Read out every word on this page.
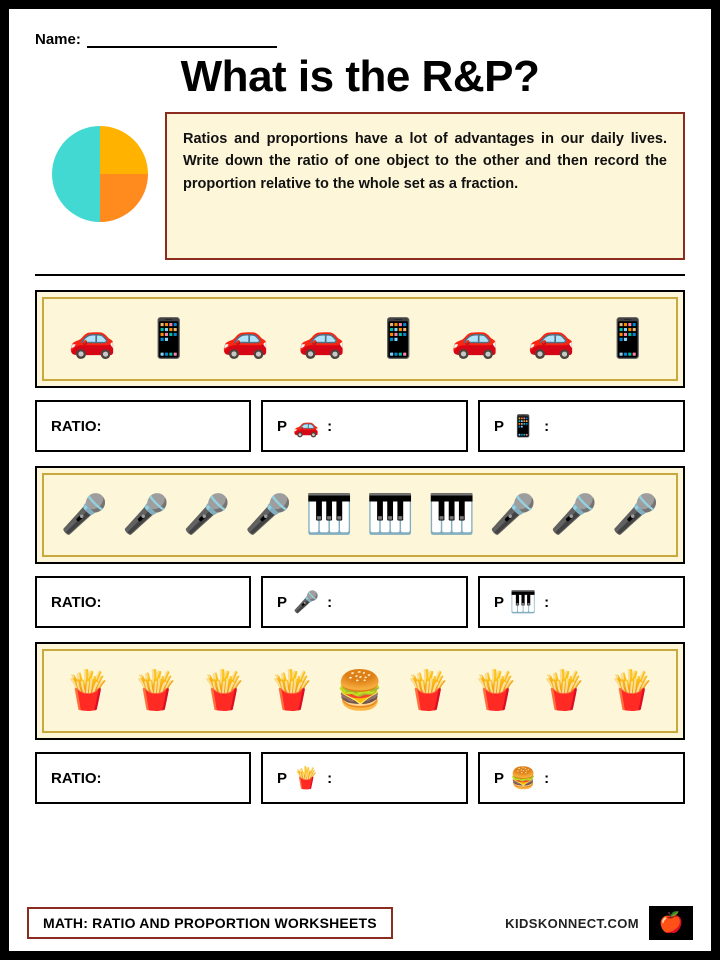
Name:
What is the R&P?

Ratios and proportions have a lot of advantages in our daily lives. Write down the ratio of one object to the other and then record the proportion relative to the whole set as a fraction.

🚗 📱 🚗 🚗 📱 🚗 🚗 📱
RATIO:	P 🚗 :	P 📱 :
🎤 🎤 🎤 🎤 🎹 🎹 🎹 🎤 🎤 🎤
RATIO:	P 🎤 :	P 🎹 :
🍟 🍟 🍟 🍟 🍔 🍟 🍟 🍟 🍟
RATIO:	P 🍟 :	P 🍔 :
MATH: RATIO AND PROPORTION WORKSHEETS	KIDSKONNECT.COM 🍎
